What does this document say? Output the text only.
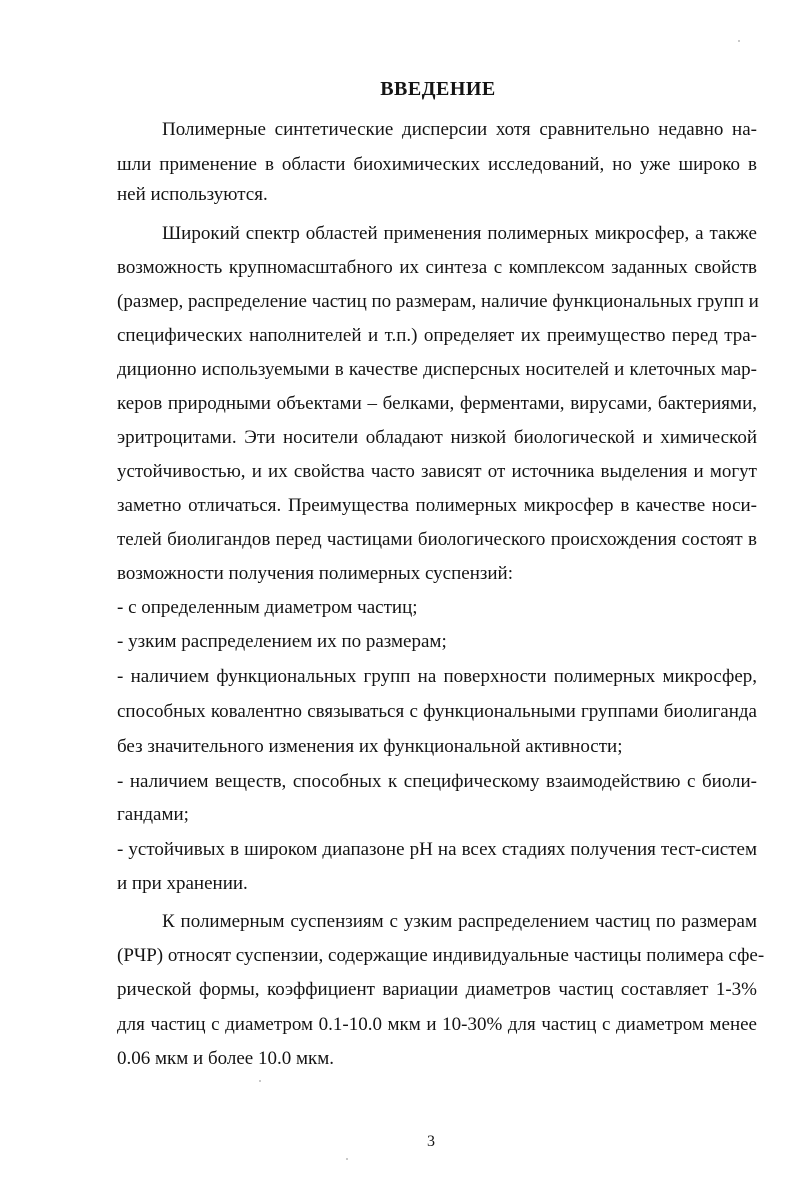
ВВЕДЕНИЕ
Полимерные синтетические дисперсии хотя сравнительно недавно на-
шли применение в области биохимических исследований, но уже широко в
ней используются.
Широкий спектр областей применения полимерных микросфер, а также
возможность крупномасштабного их синтеза с комплексом заданных свойств
(размер, распределение частиц по размерам, наличие функциональных групп и
специфических наполнителей и т.п.) определяет их преимущество перед тра-
диционно используемыми в качестве дисперсных носителей и клеточных мар-
керов природными объектами – белками, ферментами, вирусами, бактериями,
эритроцитами. Эти носители обладают низкой биологической и химической
устойчивостью, и их свойства часто зависят от источника выделения и могут
заметно отличаться. Преимущества полимерных микросфер в качестве носи-
телей биолигандов перед частицами биологического происхождения состоят в
возможности получения полимерных суспензий:
- с определенным диаметром частиц;
- узким распределением их по размерам;
- наличием функциональных групп на поверхности полимерных микросфер,
способных ковалентно связываться с функциональными группами биолиганда
без значительного изменения их функциональной активности;
- наличием веществ, способных к специфическому взаимодействию с биоли-
гандами;
- устойчивых в широком диапазоне pH на всех стадиях получения тест-систем
и при хранении.
К полимерным суспензиям с узким распределением частиц по размерам
(РЧР) относят суспензии, содержащие индивидуальные частицы полимера сфе-
рической формы, коэффициент вариации диаметров частиц составляет 1-3%
для частиц с диаметром 0.1-10.0 мкм и 10-30% для частиц с диаметром менее
0.06 мкм и более 10.0 мкм.
3
